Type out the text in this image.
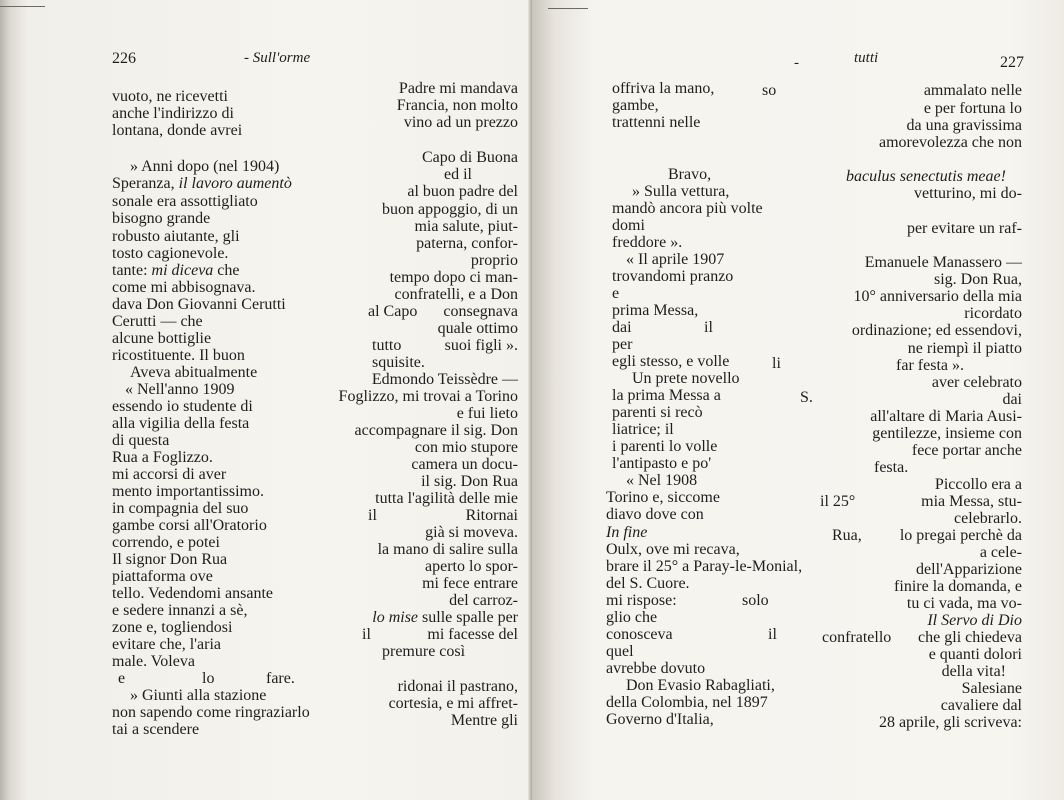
226	- Sull'orme
vuoto, ne ricevetti
anche l'indirizzo di
lontana, donde avrei
» Anni dopo (nel 1904)
Speranza, il lavoro aumentò
sonale era assottigliato
bisogno grande
robusto aiutante, gli
tosto cagionevole.
tante: mi diceva che
come mi abbisognava.
dava Don Giovanni Cerutti
Cerutti — che
alcune bottiglie
ricostituente. Il buon
Aveva abitualmente
« Nell'anno 1909
essendo io studente di
alla vigilia della festa
di questa
Rua a Foglizzo.
mi accorsi di aver
mento importantissimo.
in compagnia del suo
gambe corsi all'Oratorio
correndo, e potei
Il signor Don Rua
piattaforma ove
tello. Vedendomi ansante
e sedere innanzi a sè,
zone e, togliendosi
evitare che, l'aria
male. Voleva
e	lo	fare.
» Giunti alla stazione
non sapendo come ringraziarlo
tai a scendere
Padre mi mandava
Francia, non molto
vino ad un prezzo
Capo di Buona
ed il
al buon padre del
buon appoggio, di un
mia salute, piut-
paterna, confor-
proprio
tempo dopo ci man-
confratelli, e a Don
al Capo consegnava
quale ottimo
tutto	suoi figli ».
squisite.
Edmondo Teissèdre —
Foglizzo, mi trovai a Torino
e fui lieto
accompagnare il sig. Don
con mio stupore
camera un docu-
il sig. Don Rua
tutta l'agilità delle mie
il	Ritornai
già si moveva.
la mano di salire sulla
aperto lo spor-
mi fece entrare
del carroz-
lo mise sulle spalle per
il	mi facesse del
premure così
ridonai il pastrano,
cortesia, e mi affret-
Mentre gli
-	tutti	227
offriva la mano,	so
gambe,
trattenni nelle
Bravo,
» Sulla vettura,
mandò ancora più volte
domi
freddore ».
« Il aprile 1907
trovandomi pranzo
e
prima Messa,
dai	il
per
egli stesso, e volle	li
Un prete novello
la prima Messa a	S.
parenti si recò
liatrice; il
i parenti lo volle
l'antipasto e po'
« Nel 1908
Torino e, siccome
In fine
diavo dove con
Oulx, ove mi recava,
brare il 25° a Paray-le-Monial,
del S. Cuore.
mi rispose:	solo
glio che
conosceva	il
quel
avrebbe dovuto
Don Evasio Rabagliati,
della Colombia, nel 1897
Governo d'Italia,
ammalato nelle
e per fortuna lo
da una gravissima
amorevolezza che non
baculus senectutis meae!
vetturino, mi do-
per evitare un raf-
Emanuele Manassero —
sig. Don Rua,
10° anniversario della mia
ricordato
ordinazione; ed essendovi,
ne riempì il piatto
far festa ».
aver celebrato
dai
all'altare di Maria Ausi-
gentilezze, insieme con
fece portar anche
festa.
Piccollo era a
il 25°	mia Messa, stu-
celebrarlo.
Rua, lo pregai perchè da
a cele-
dell'Apparizione
finire la domanda, e
tu ci vada, ma vo-
Il Servo di Dio
confratello che gli chiedeva
e quanti dolori
della vita!
Salesiane
cavaliere dal
28 aprile, gli scriveva:
